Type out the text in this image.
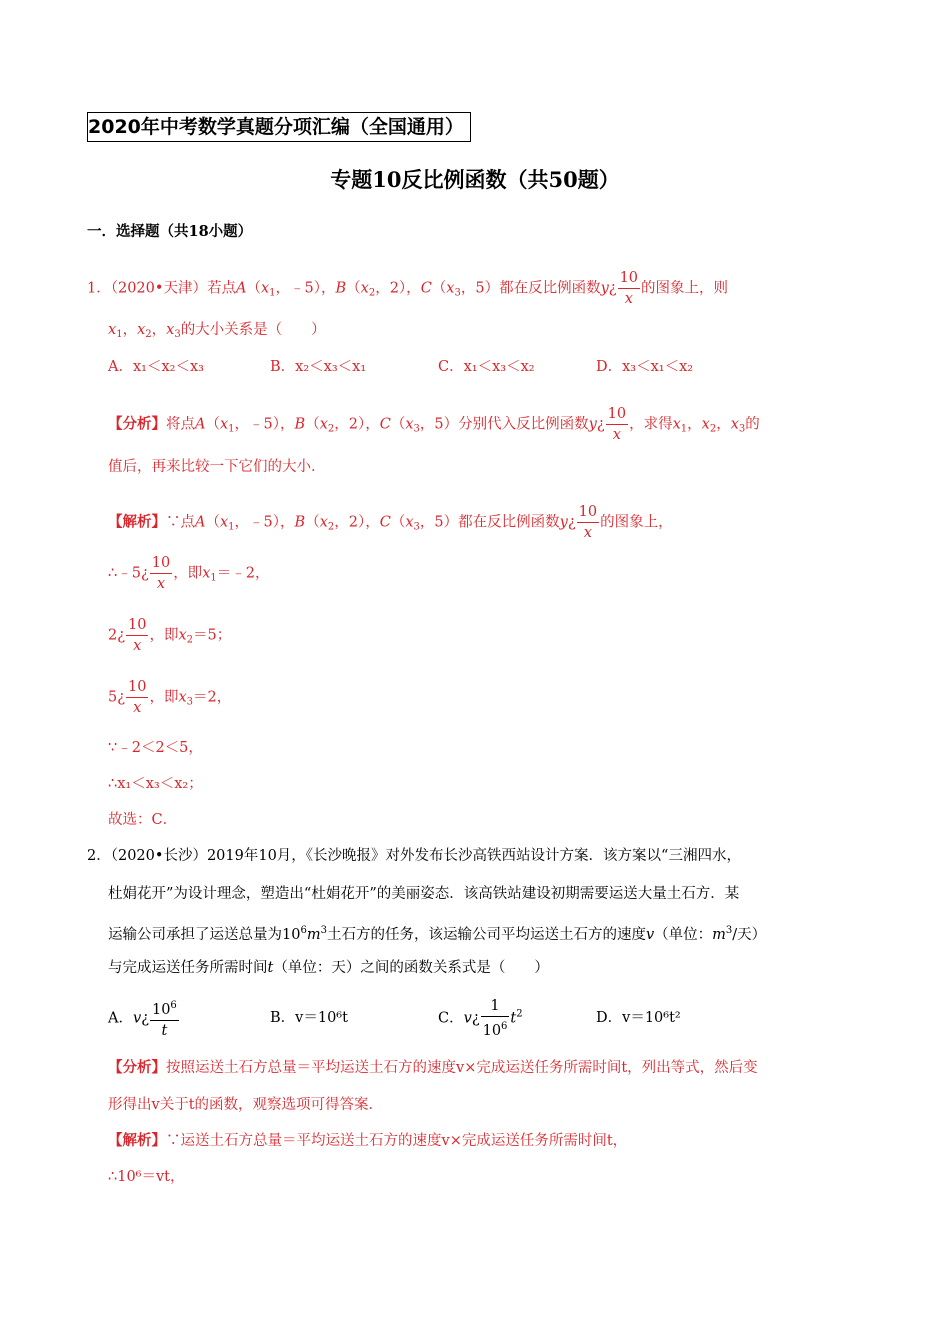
2020年中考数学真题分项汇编（全国通用）
专题10反比例函数（共50题）
一．选择题（共18小题）
1．（2020•天津）若点$A(x_1$，﹣5），$B(x_2$，2），$C(x_3$，5）都在反比例函数y¿ $\frac{10}{x}$ 的图象上，则
$x_1$，$x_2$，$x_3$的大小关系是（　　）
A．x₁＜x₂＜x₃	B．x₂＜x₃＜x₁	C．x₁＜x₃＜x₂	D．x₃＜x₁＜x₂
【分析】将点$A(x_1$，﹣5），$B(x_2$，2），$C(x_3$，5）分别代入反比例函数y¿ $\frac{10}{x}$ ，求得$x_1$，$x_2$，$x_3$的
值后，再来比较一下它们的大小．
【解析】∵点$A(x_1$，﹣5），$B(x_2$，2），$C(x_3$，5）都在反比例函数y¿ $\frac{10}{x}$ 的图象上，
∴﹣5¿ $\frac{10}{x}$ ，即$x_1=﹣2$，
2¿ $\frac{10}{x}$ ，即$x_2=5$；
5¿ $\frac{10}{x}$ ，即$x_3=2$，
∵﹣2＜2＜5，
∴x₁＜x₃＜x₂；
故选：C．
2．（2020•长沙）2019年10月，《长沙晚报》对外发布长沙高铁西站设计方案．该方案以“三湘四水，
杜娟花开”为设计理念，塑造出“杜娟花开”的美丽姿态．该高铁站建设初期需要运送大量土石方．某
运输公司承担了运送总量为$10^6m^3$土石方的任务，该运输公司平均运送土石方的速度v（单位：$m^3/$天）
与完成运送任务所需时间t（单位：天）之间的函数关系式是（　　）
A．v¿ $\frac{10^6}{t}$	B．v＝10⁶t	C．v¿ $\frac{1}{10^6} t^2$	D．v＝10⁶t²
【分析】按照运送土石方总量＝平均运送土石方的速度v×完成运送任务所需时间t，列出等式，然后变
形得出v关于t的函数，观察选项可得答案．
【解析】∵运送土石方总量＝平均运送土石方的速度v×完成运送任务所需时间t，
∴10⁶＝vt，
